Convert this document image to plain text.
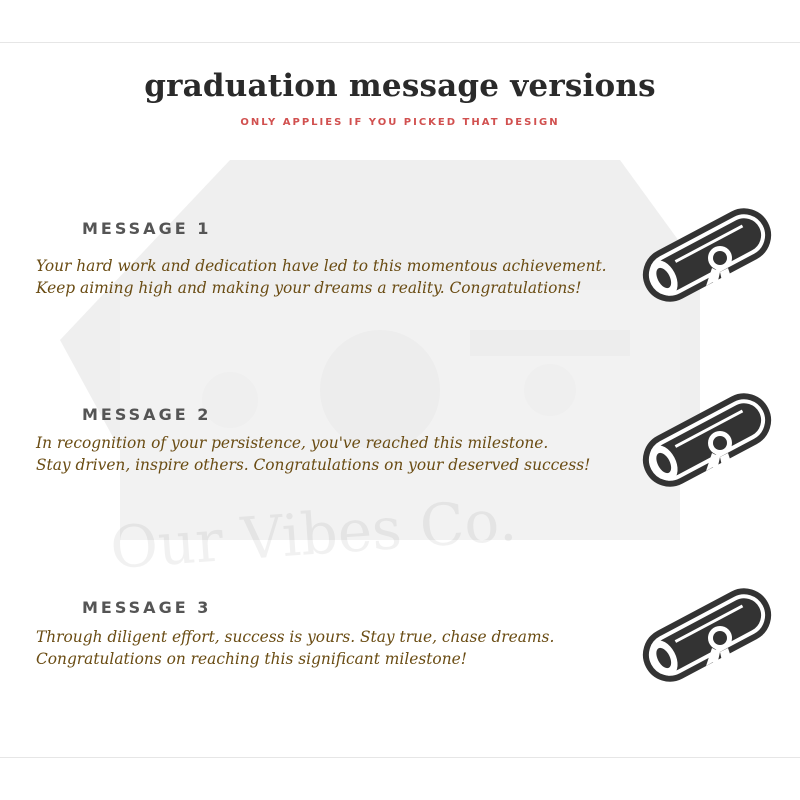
Our Vibes Co.
graduation message versions
ONLY APPLIES IF YOU PICKED THAT DESIGN
MESSAGE 1
Your hard work and dedication have led to this momentous achievement.
Keep aiming high and making your dreams a reality. Congratulations!
MESSAGE 2
In recognition of your persistence, you've reached this milestone.
Stay driven, inspire others. Congratulations on your deserved success!
MESSAGE 3
Through diligent effort, success is yours. Stay true, chase dreams.
Congratulations on reaching this significant milestone!
